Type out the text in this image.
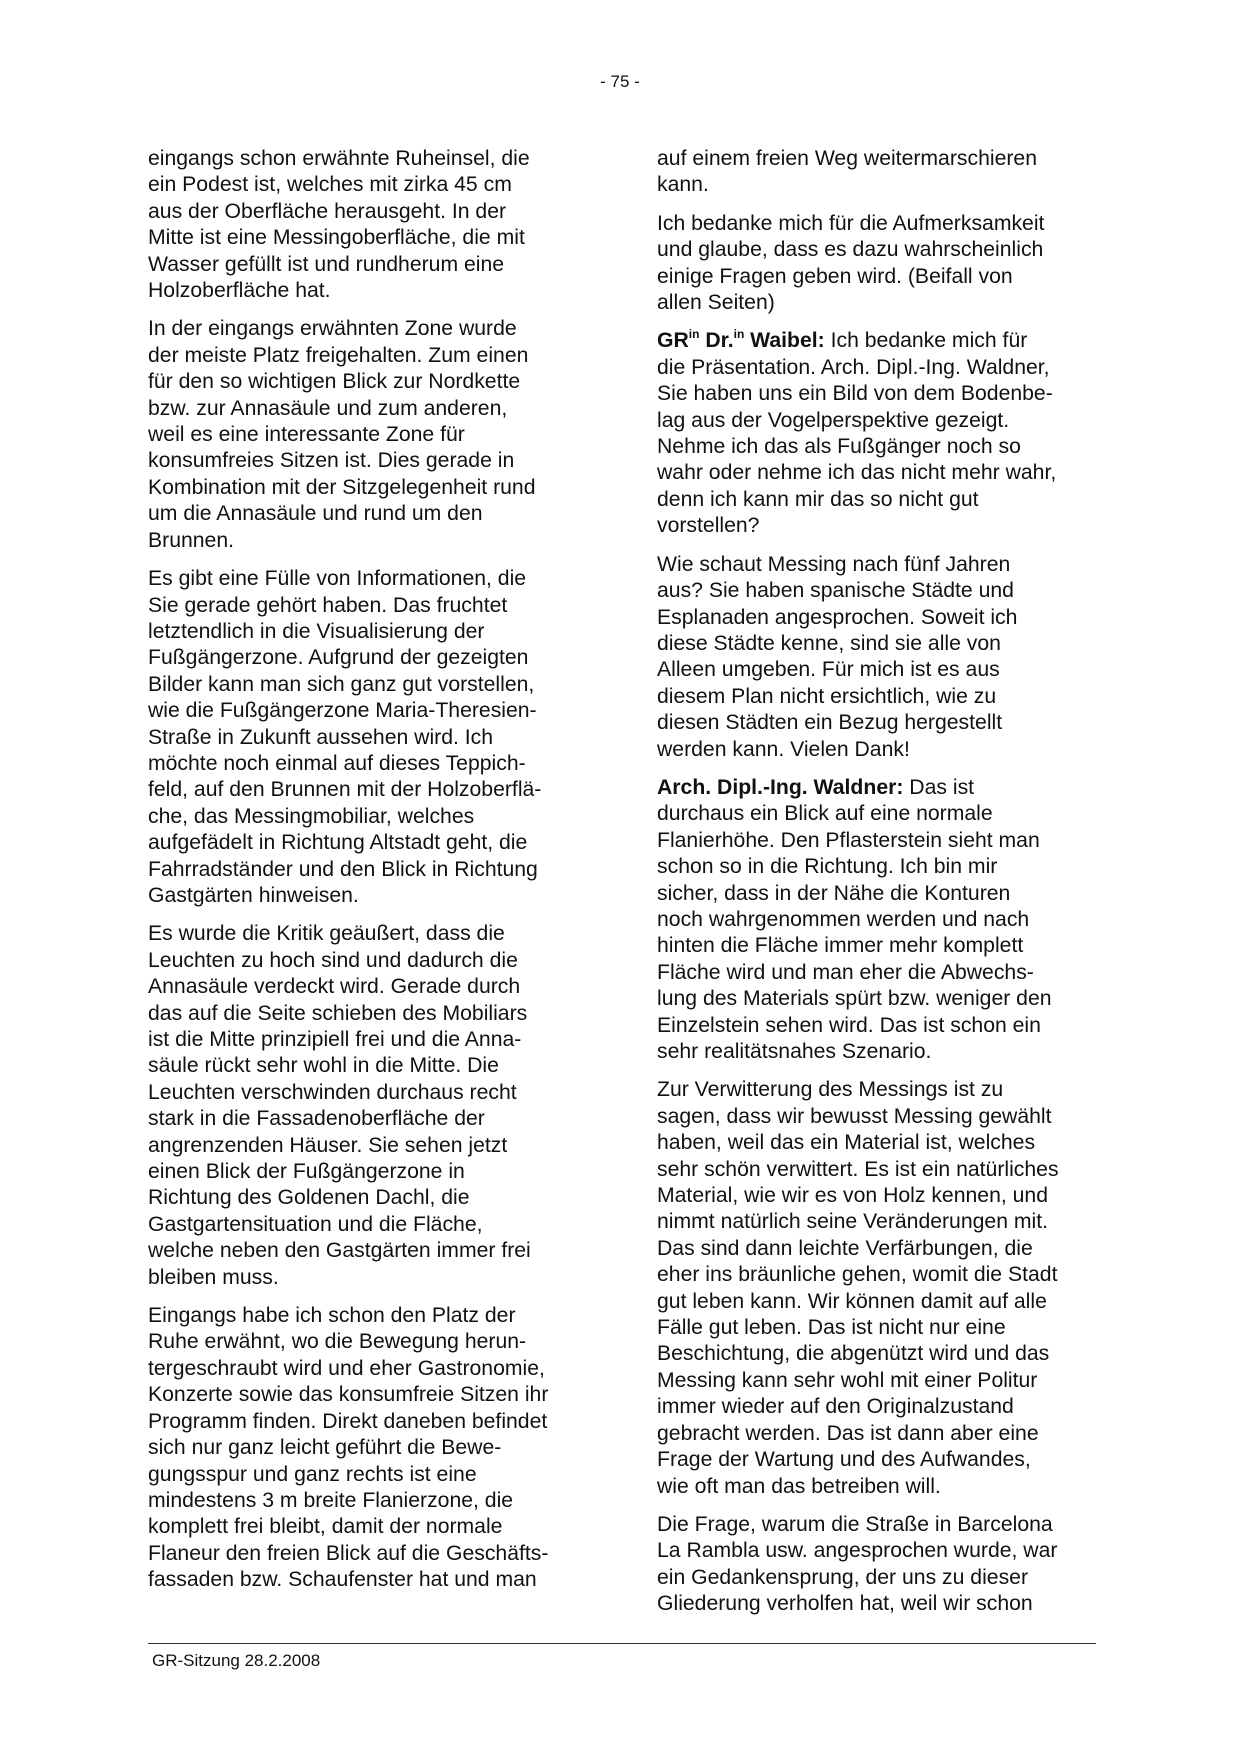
- 75 -

eingangs schon erwähnte Ruheinsel, die
ein Podest ist, welches mit zirka 45 cm
aus der Oberfläche herausgeht. In der
Mitte ist eine Messingoberfläche, die mit
Wasser gefüllt ist und rundherum eine
Holzoberfläche hat.

In der eingangs erwähnten Zone wurde
der meiste Platz freigehalten. Zum einen
für den so wichtigen Blick zur Nordkette
bzw. zur Annasäule und zum anderen,
weil es eine interessante Zone für
konsumfreies Sitzen ist. Dies gerade in
Kombination mit der Sitzgelegenheit rund
um die Annasäule und rund um den
Brunnen.

Es gibt eine Fülle von Informationen, die
Sie gerade gehört haben. Das fruchtet
letztendlich in die Visualisierung der
Fußgängerzone. Aufgrund der gezeigten
Bilder kann man sich ganz gut vorstellen,
wie die Fußgängerzone Maria-Theresien-
Straße in Zukunft aussehen wird. Ich
möchte noch einmal auf dieses Teppich-
feld, auf den Brunnen mit der Holzoberflä-
che, das Messingmobiliar, welches
aufgefädelt in Richtung Altstadt geht, die
Fahrradständer und den Blick in Richtung
Gastgärten hinweisen.

Es wurde die Kritik geäußert, dass die
Leuchten zu hoch sind und dadurch die
Annasäule verdeckt wird. Gerade durch
das auf die Seite schieben des Mobiliars
ist die Mitte prinzipiell frei und die Anna-
säule rückt sehr wohl in die Mitte. Die
Leuchten verschwinden durchaus recht
stark in die Fassadenoberfläche der
angrenzenden Häuser. Sie sehen jetzt
einen Blick der Fußgängerzone in
Richtung des Goldenen Dachl, die
Gastgartensituation und die Fläche,
welche neben den Gastgärten immer frei
bleiben muss.

Eingangs habe ich schon den Platz der
Ruhe erwähnt, wo die Bewegung herun-
tergeschraubt wird und eher Gastronomie,
Konzerte sowie das konsumfreie Sitzen ihr
Programm finden. Direkt daneben befindet
sich nur ganz leicht geführt die Bewe-
gungsspur und ganz rechts ist eine
mindestens 3 m breite Flanierzone, die
komplett frei bleibt, damit der normale
Flaneur den freien Blick auf die Geschäfts-
fassaden bzw. Schaufenster hat und man

auf einem freien Weg weitermarschieren
kann.

Ich bedanke mich für die Aufmerksamkeit
und glaube, dass es dazu wahrscheinlich
einige Fragen geben wird. (Beifall von
allen Seiten)

$GR^{in}$ Dr.$^{in}$ Waibel: Ich bedanke mich für
die Präsentation. Arch. Dipl.-Ing. Waldner,
Sie haben uns ein Bild von dem Bodenbe-
lag aus der Vogelperspektive gezeigt.
Nehme ich das als Fußgänger noch so
wahr oder nehme ich das nicht mehr wahr,
denn ich kann mir das so nicht gut
vorstellen?

Wie schaut Messing nach fünf Jahren
aus? Sie haben spanische Städte und
Esplanaden angesprochen. Soweit ich
diese Städte kenne, sind sie alle von
Alleen umgeben. Für mich ist es aus
diesem Plan nicht ersichtlich, wie zu
diesen Städten ein Bezug hergestellt
werden kann. Vielen Dank!

Arch. Dipl.-Ing. Waldner: Das ist
durchaus ein Blick auf eine normale
Flanierhöhe. Den Pflasterstein sieht man
schon so in die Richtung. Ich bin mir
sicher, dass in der Nähe die Konturen
noch wahrgenommen werden und nach
hinten die Fläche immer mehr komplett
Fläche wird und man eher die Abwechs-
lung des Materials spürt bzw. weniger den
Einzelstein sehen wird. Das ist schon ein
sehr realitätsnahes Szenario.

Zur Verwitterung des Messings ist zu
sagen, dass wir bewusst Messing gewählt
haben, weil das ein Material ist, welches
sehr schön verwittert. Es ist ein natürliches
Material, wie wir es von Holz kennen, und
nimmt natürlich seine Veränderungen mit.
Das sind dann leichte Verfärbungen, die
eher ins bräunliche gehen, womit die Stadt
gut leben kann. Wir können damit auf alle
Fälle gut leben. Das ist nicht nur eine
Beschichtung, die abgenützt wird und das
Messing kann sehr wohl mit einer Politur
immer wieder auf den Originalzustand
gebracht werden. Das ist dann aber eine
Frage der Wartung und des Aufwandes,
wie oft man das betreiben will.

Die Frage, warum die Straße in Barcelona
La Rambla usw. angesprochen wurde, war
ein Gedankensprung, der uns zu dieser
Gliederung verholfen hat, weil wir schon

GR-Sitzung 28.2.2008
